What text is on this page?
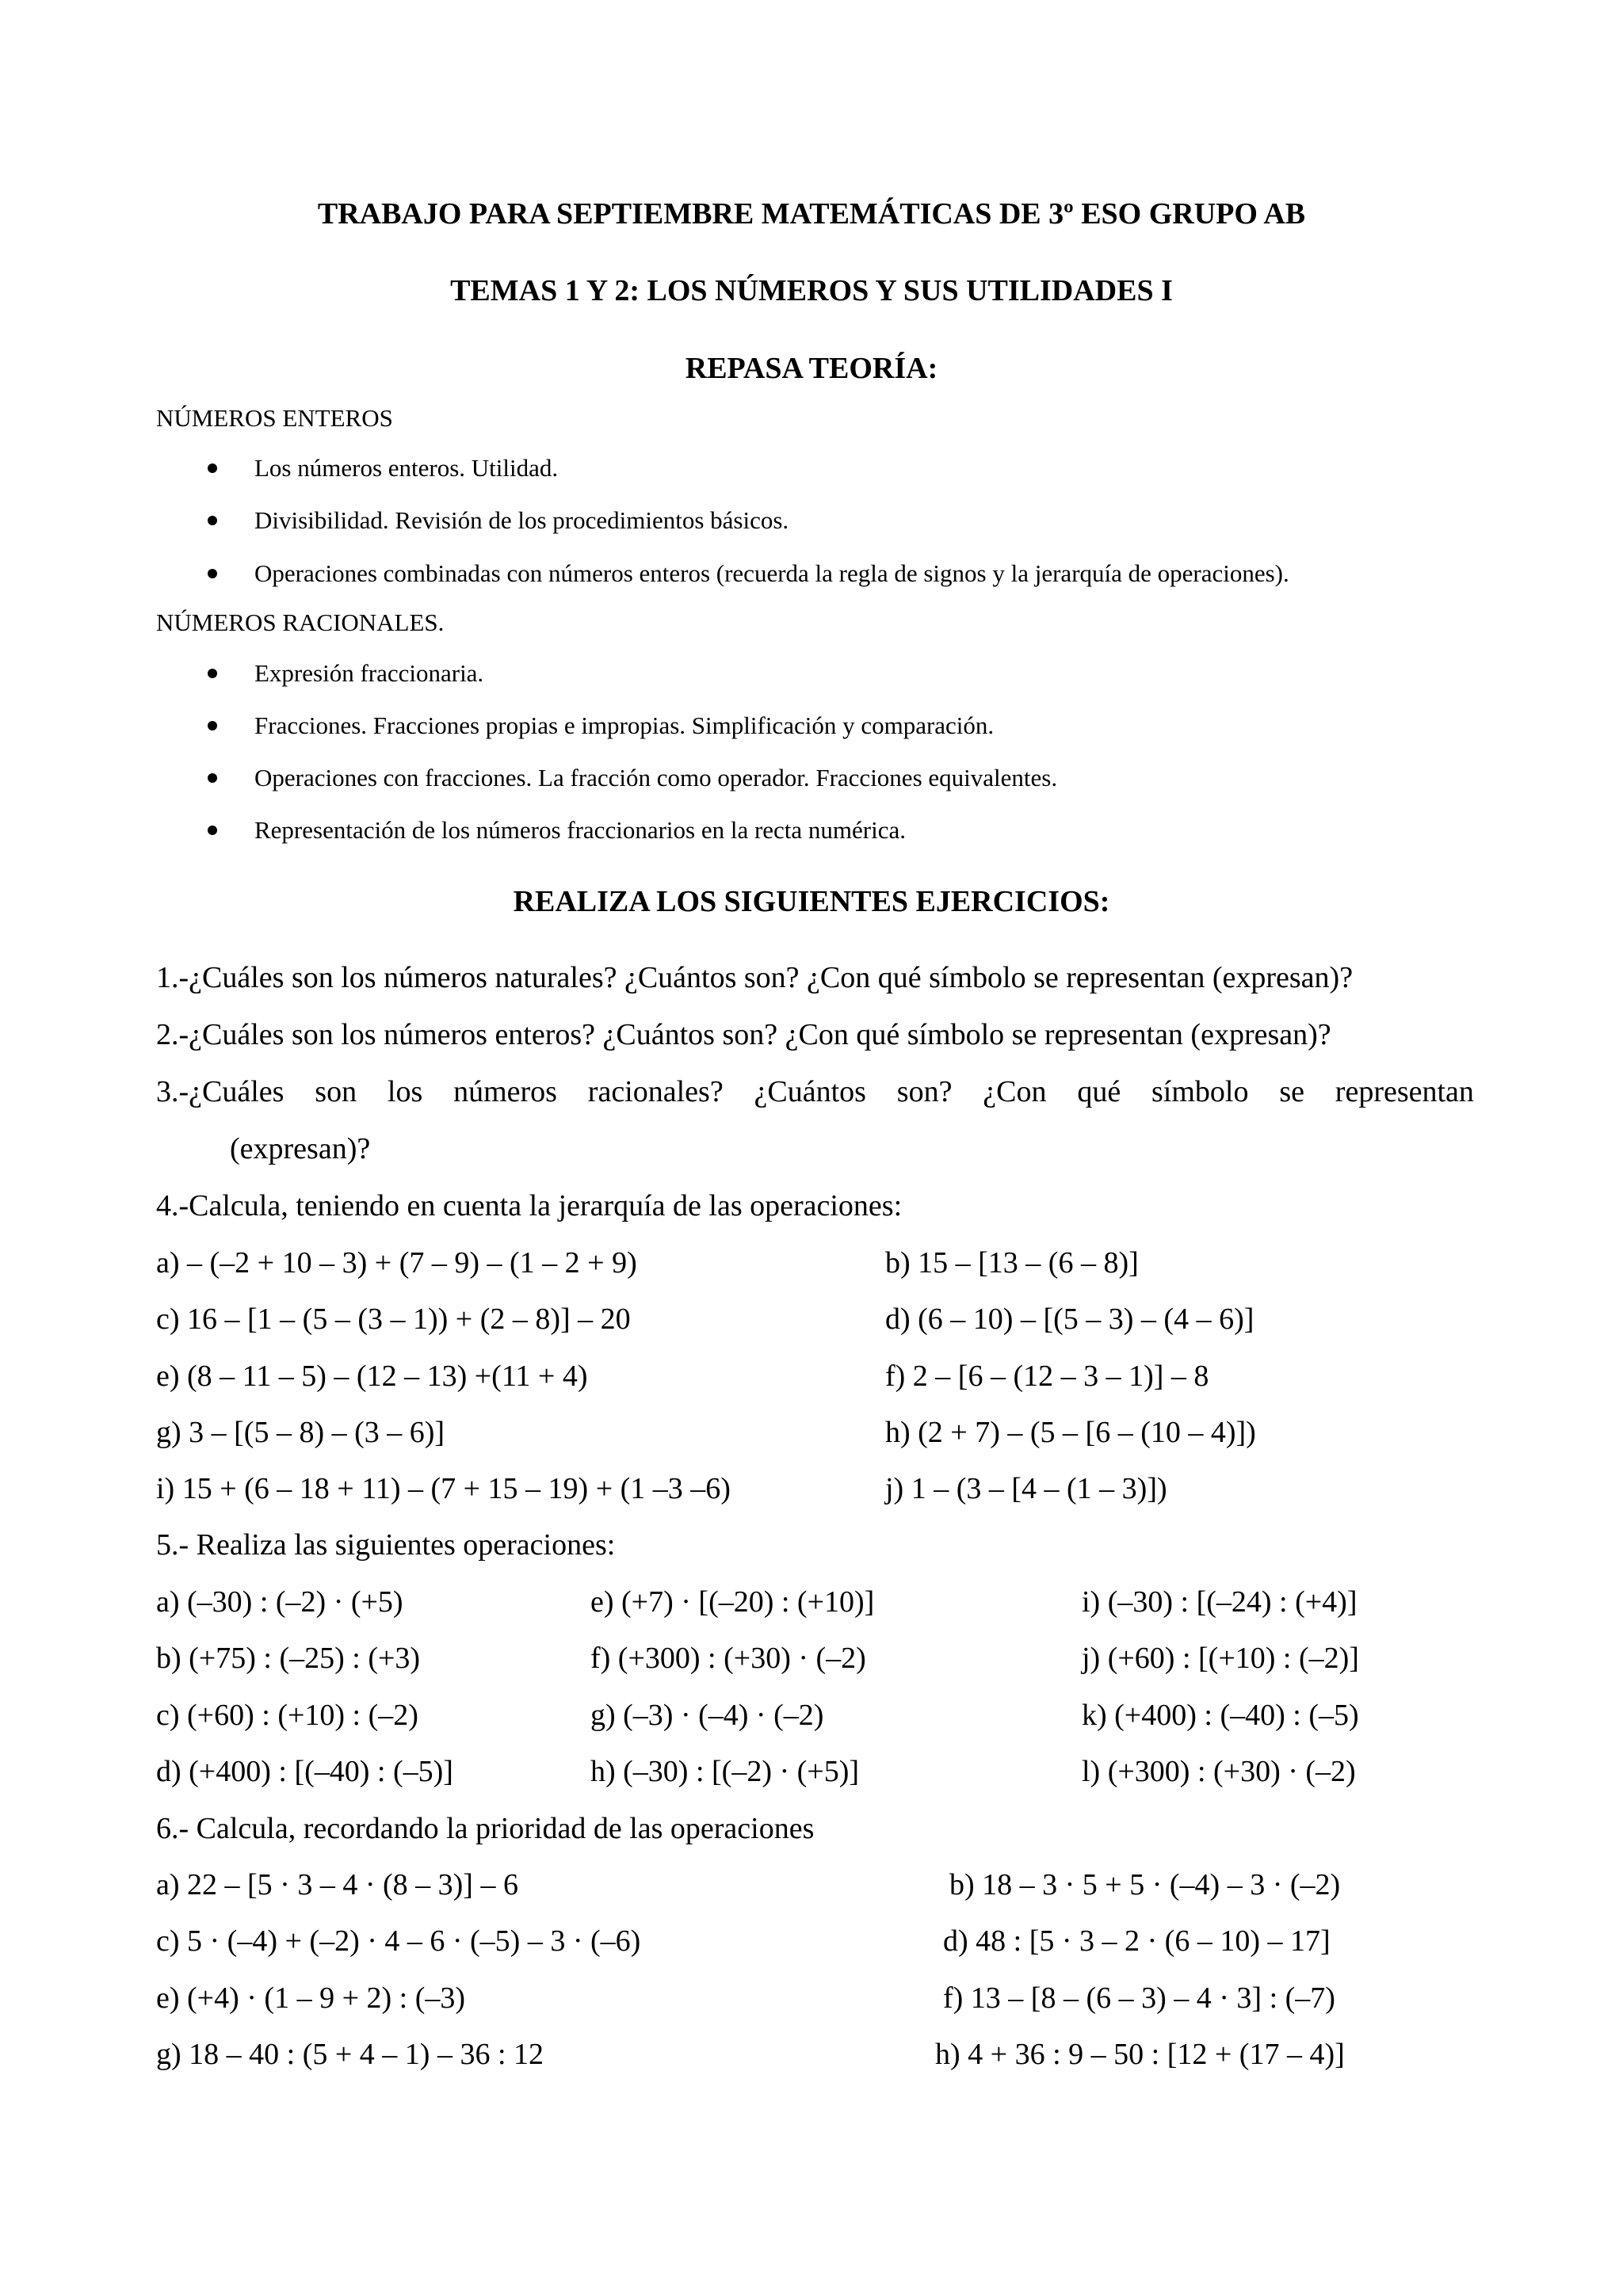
TRABAJO PARA SEPTIEMBRE MATEMÁTICAS DE 3º ESO GRUPO AB
TEMAS 1 Y 2: LOS NÚMEROS Y SUS UTILIDADES I
REPASA TEORÍA:
NÚMEROS ENTEROS
Los números enteros. Utilidad.
Divisibilidad. Revisión de los procedimientos básicos.
Operaciones combinadas con números enteros (recuerda la regla de signos y la jerarquía de operaciones).
NÚMEROS RACIONALES.
Expresión fraccionaria.
Fracciones. Fracciones propias e impropias. Simplificación y comparación.
Operaciones con fracciones. La fracción como operador. Fracciones equivalentes.
Representación de los números fraccionarios en la recta numérica.
REALIZA LOS SIGUIENTES EJERCICIOS:
1.-¿Cuáles son los números naturales? ¿Cuántos son? ¿Con qué símbolo se representan (expresan)?
2.-¿Cuáles son los números enteros? ¿Cuántos son? ¿Con qué símbolo se representan (expresan)?
3.-¿Cuáles son los números racionales? ¿Cuántos son? ¿Con qué símbolo se representan
(expresan)?
4.-Calcula, teniendo en cuenta la jerarquía de las operaciones:
a) – (–2 + 10 – 3) + (7 – 9) – (1 – 2 + 9)	b) 15 – [13 – (6 – 8)]
c) 16 – [1 – (5 – (3 – 1)) + (2 – 8)] – 20	d) (6 – 10) – [(5 – 3) – (4 – 6)]
e) (8 – 11 – 5) – (12 – 13) +(11 + 4)	f) 2 – [6 – (12 – 3 – 1)] – 8
g) 3 – [(5 – 8) – (3 – 6)]	h) (2 + 7) – (5 – [6 – (10 – 4)])
i) 15 + (6 – 18 + 11) – (7 + 15 – 19) + (1 –3 –6)	j) 1 – (3 – [4 – (1 – 3)])
5.- Realiza las siguientes operaciones:
a) (–30) : (–2) · (+5)	e) (+7) · [(–20) : (+10)]	i) (–30) : [(–24) : (+4)]
b) (+75) : (–25) : (+3)	f) (+300) : (+30) · (–2)	j) (+60) : [(+10) : (–2)]
c) (+60) : (+10) : (–2)	g) (–3) · (–4) · (–2)	k) (+400) : (–40) : (–5)
d) (+400) : [(–40) : (–5)]	h) (–30) : [(–2) · (+5)]	l) (+300) : (+30) · (–2)
6.- Calcula, recordando la prioridad de las operaciones
a) 22 – [5 · 3 – 4 · (8 – 3)] – 6	b) 18 – 3 · 5 + 5 · (–4) – 3 · (–2)
c) 5 · (–4) + (–2) · 4 – 6 · (–5) – 3 · (–6)	d) 48 : [5 · 3 – 2 · (6 – 10) – 17]
e) (+4) · (1 – 9 + 2) : (–3)	f) 13 – [8 – (6 – 3) – 4 · 3] : (–7)
g) 18 – 40 : (5 + 4 – 1) – 36 : 12	h) 4 + 36 : 9 – 50 : [12 + (17 – 4)]
